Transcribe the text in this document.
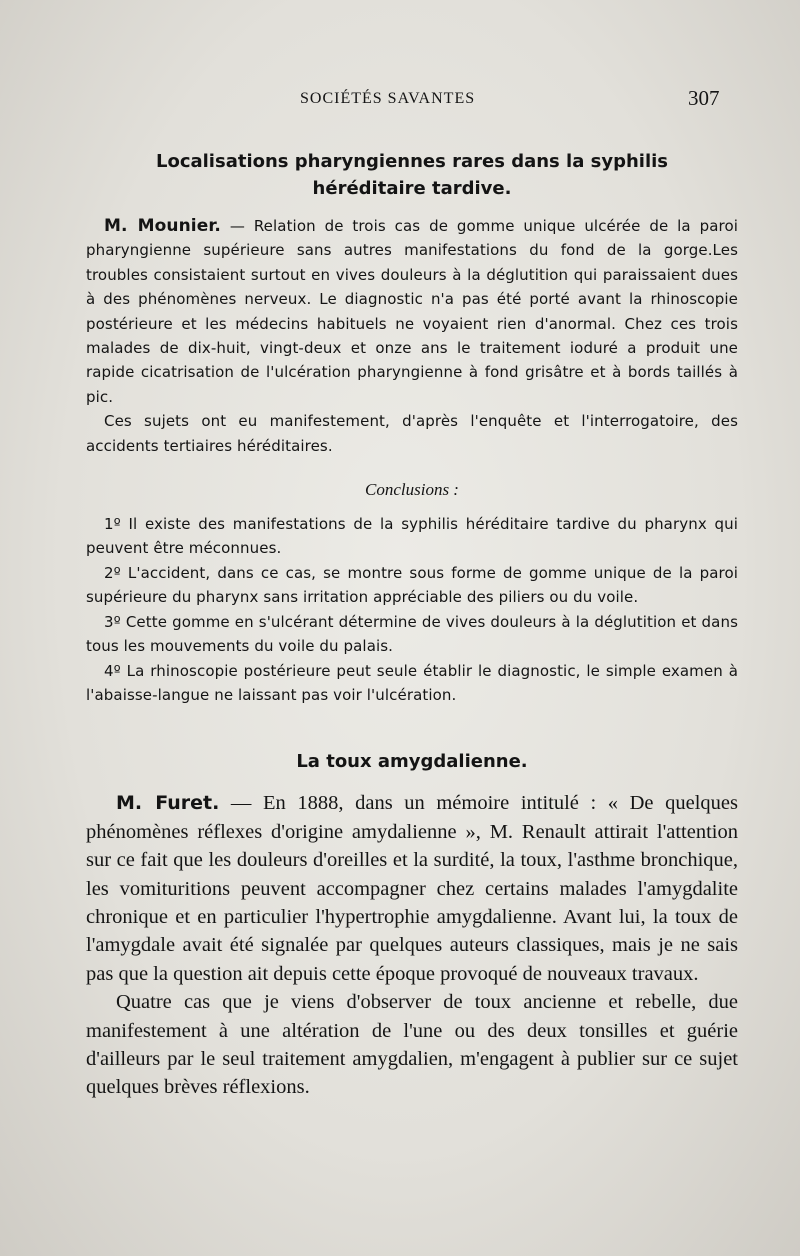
SOCIÉTÉS SAVANTES	307
Localisations pharyngiennes rares dans la syphilis
héréditaire tardive.

M. Mounier. — Relation de trois cas de gomme unique ulcérée de la paroi pharyngienne supérieure sans autres manifestations du fond de la gorge.Les troubles consistaient surtout en vives douleurs à la déglutition qui paraissaient dues à des phénomènes nerveux. Le diagnostic n'a pas été porté avant la rhinoscopie postérieure et les médecins habituels ne voyaient rien d'anormal. Chez ces trois malades de dix-huit, vingt-deux et onze ans le traitement ioduré a produit une rapide cicatrisation de l'ulcération pharyngienne à fond grisâtre et à bords taillés à pic.

Ces sujets ont eu manifestement, d'après l'enquête et l'interrogatoire, des accidents tertiaires héréditaires.

Conclusions :

1º Il existe des manifestations de la syphilis héréditaire tardive du pharynx qui peuvent être méconnues.

2º L'accident, dans ce cas, se montre sous forme de gomme unique de la paroi supérieure du pharynx sans irritation appréciable des piliers ou du voile.

3º Cette gomme en s'ulcérant détermine de vives douleurs à la déglutition et dans tous les mouvements du voile du palais.

4º La rhinoscopie postérieure peut seule établir le diagnostic, le simple examen à l'abaisse-langue ne laissant pas voir l'ulcération.

La toux amygdalienne.

M. Furet. — En 1888, dans un mémoire intitulé : « De quelques phénomènes réflexes d'origine amydalienne », M. Renault attirait l'attention sur ce fait que les douleurs d'oreilles et la surdité, la toux, l'asthme bronchique, les vomituritions peuvent accompagner chez certains malades l'amygdalite chronique et en particulier l'hypertrophie amygdalienne. Avant lui, la toux de l'amygdale avait été signalée par quelques auteurs classiques, mais je ne sais pas que la question ait depuis cette époque provoqué de nouveaux travaux.

Quatre cas que je viens d'observer de toux ancienne et rebelle, due manifestement à une altération de l'une ou des deux tonsilles et guérie d'ailleurs par le seul traitement amygdalien, m'engagent à publier sur ce sujet quelques brèves réflexions.
